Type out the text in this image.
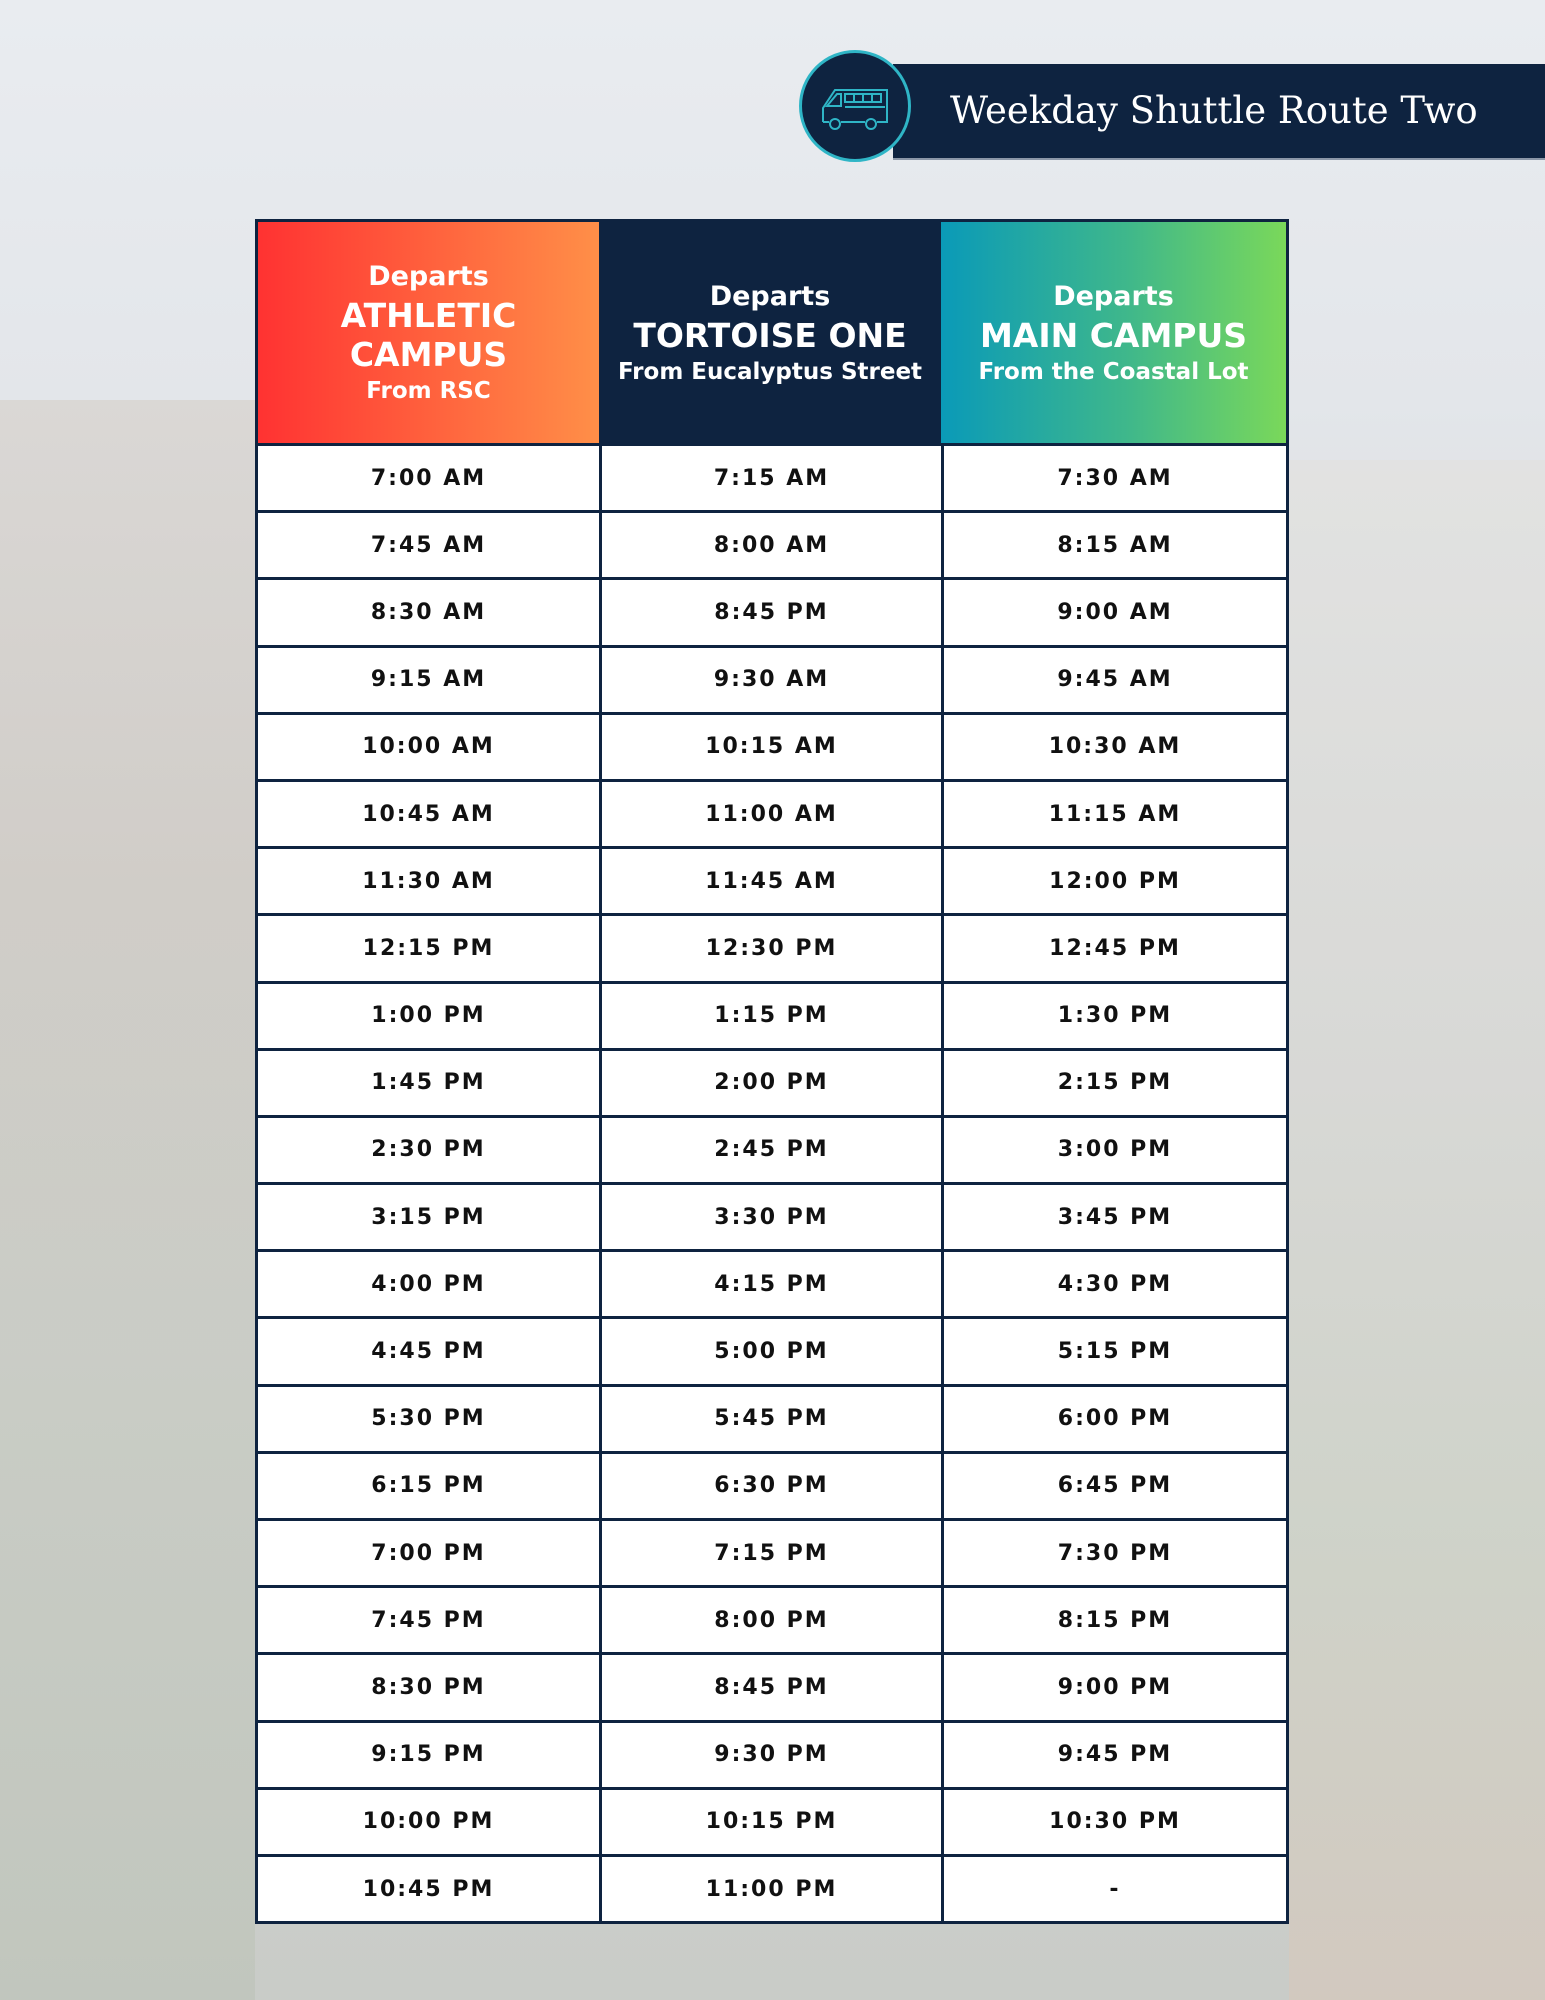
Weekday Shuttle Route Two
Departs
ATHLETIC CAMPUS
From RSC
Departs
TORTOISE ONE
From Eucalyptus Street
Departs
MAIN CAMPUS
From the Coastal Lot
7:00 AM	7:15 AM	7:30 AM
7:45 AM	8:00 AM	8:15 AM
8:30 AM	8:45 PM	9:00 AM
9:15 AM	9:30 AM	9:45 AM
10:00 AM	10:15 AM	10:30 AM
10:45 AM	11:00 AM	11:15 AM
11:30 AM	11:45 AM	12:00 PM
12:15 PM	12:30 PM	12:45 PM
1:00 PM	1:15 PM	1:30 PM
1:45 PM	2:00 PM	2:15 PM
2:30 PM	2:45 PM	3:00 PM
3:15 PM	3:30 PM	3:45 PM
4:00 PM	4:15 PM	4:30 PM
4:45 PM	5:00 PM	5:15 PM
5:30 PM	5:45 PM	6:00 PM
6:15 PM	6:30 PM	6:45 PM
7:00 PM	7:15 PM	7:30 PM
7:45 PM	8:00 PM	8:15 PM
8:30 PM	8:45 PM	9:00 PM
9:15 PM	9:30 PM	9:45 PM
10:00 PM	10:15 PM	10:30 PM
10:45 PM	11:00 PM	-
